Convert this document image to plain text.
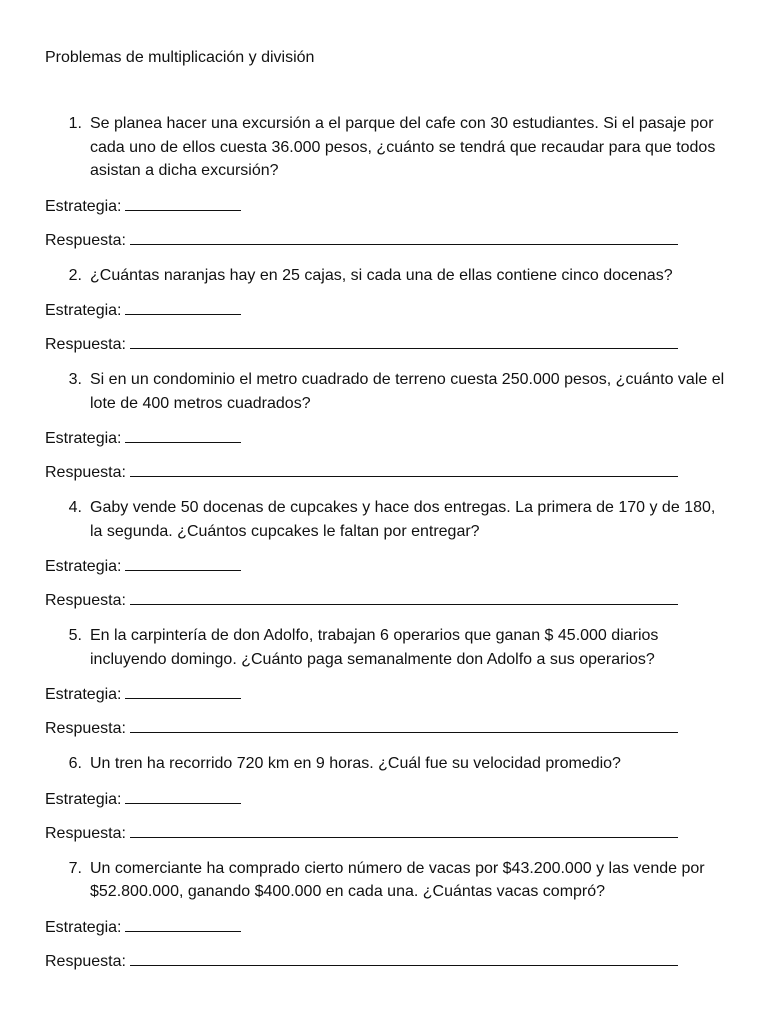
Problemas de multiplicación y división
1. Se planea hacer una excursión a el parque del cafe con 30 estudiantes. Si el pasaje por cada uno de ellos cuesta 36.000 pesos, ¿cuánto se tendrá que recaudar para que todos asistan a dicha excursión?
Estrategia:
Respuesta:
2. ¿Cuántas naranjas hay en 25 cajas, si cada una de ellas contiene cinco docenas?
Estrategia:
Respuesta:
3. Si en un condominio el metro cuadrado de terreno cuesta 250.000 pesos, ¿cuánto vale el lote de 400 metros cuadrados?
Estrategia:
Respuesta:
4. Gaby vende 50 docenas de cupcakes y hace dos entregas. La primera de 170 y de 180, la segunda. ¿Cuántos cupcakes le faltan por entregar?
Estrategia:
Respuesta:
5. En la carpintería de don Adolfo, trabajan 6 operarios que ganan $ 45.000 diarios incluyendo domingo. ¿Cuánto paga semanalmente don Adolfo a sus operarios?
Estrategia:
Respuesta:
6. Un tren ha recorrido 720 km en 9 horas. ¿Cuál fue su velocidad promedio?
Estrategia:
Respuesta:
7. Un comerciante ha comprado cierto número de vacas por $43.200.000 y las vende por $52.800.000, ganando $400.000 en cada una. ¿Cuántas vacas compró?
Estrategia:
Respuesta:
